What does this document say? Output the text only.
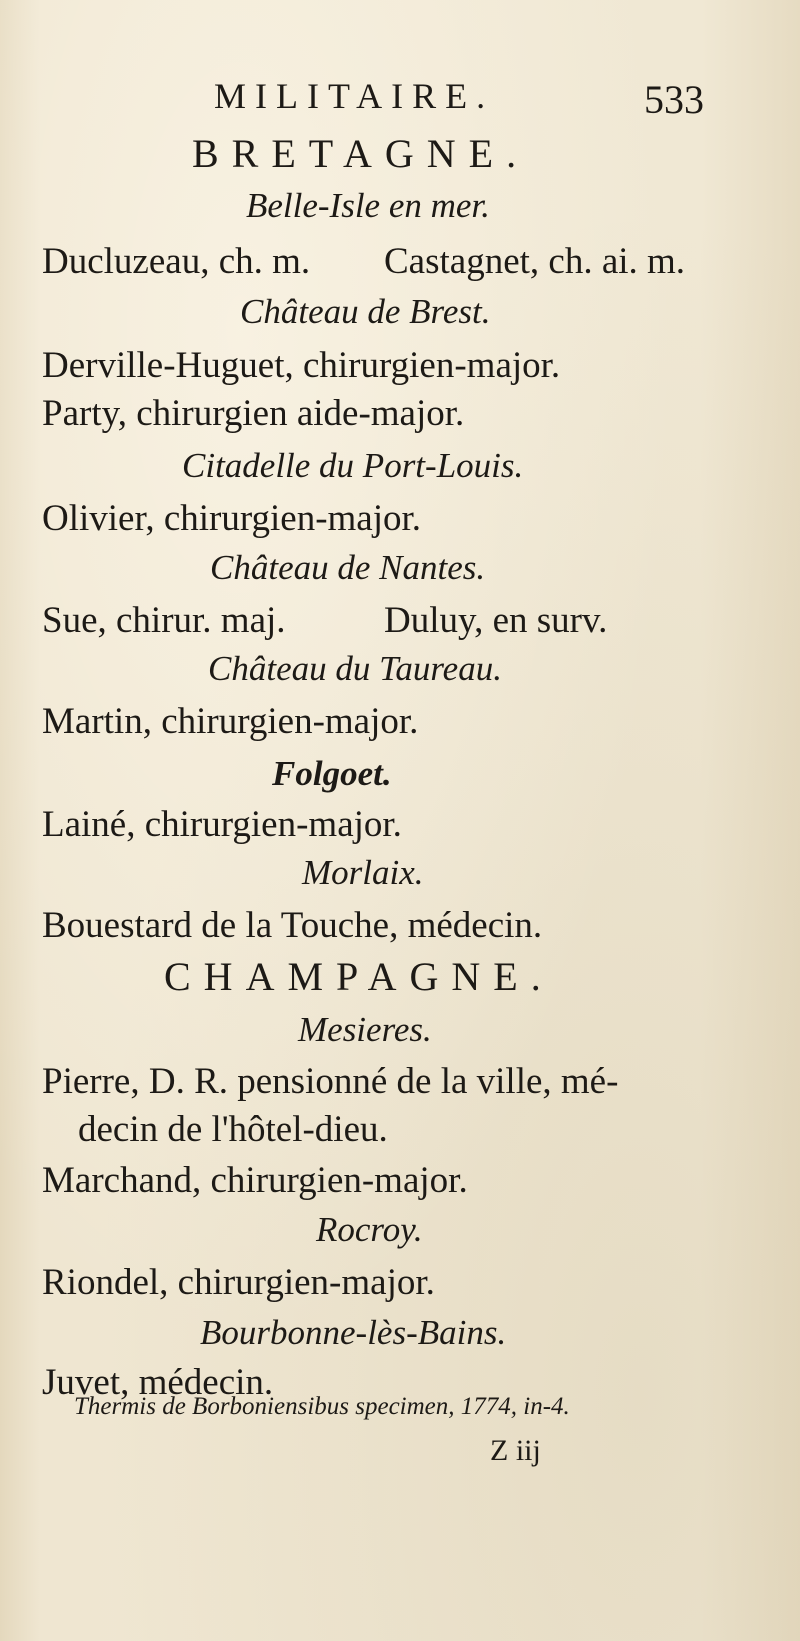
MILITAIRE.	533
BRETAGNE.
Belle-Isle en mer.
Ducluzeau, ch. m. Castagnet, ch. ai. m.
Château de Brest.
Derville-Huguet, chirurgien-major.
Party, chirurgien aide-major.
Citadelle du Port-Louis.
Olivier, chirurgien-major.
Château de Nantes.
Sue, chirur. maj.	Duluy, en surv.
Château du Taureau.
Martin, chirurgien-major.
Folgoet.
Lainé, chirurgien-major.
Morlaix.
Bouestard de la Touche, médecin.
CHAMPAGNE.
Mesieres.
Pierre, D. R. pensionné de la ville, mé-
decin de l'hôtel-dieu.
Marchand, chirurgien-major.
Rocroy.
Riondel, chirurgien-major.
Bourbonne-lès-Bains.
Juvet, médecin.
Thermis de Borboniensibus specimen, 1774, in-4.
Z iij
